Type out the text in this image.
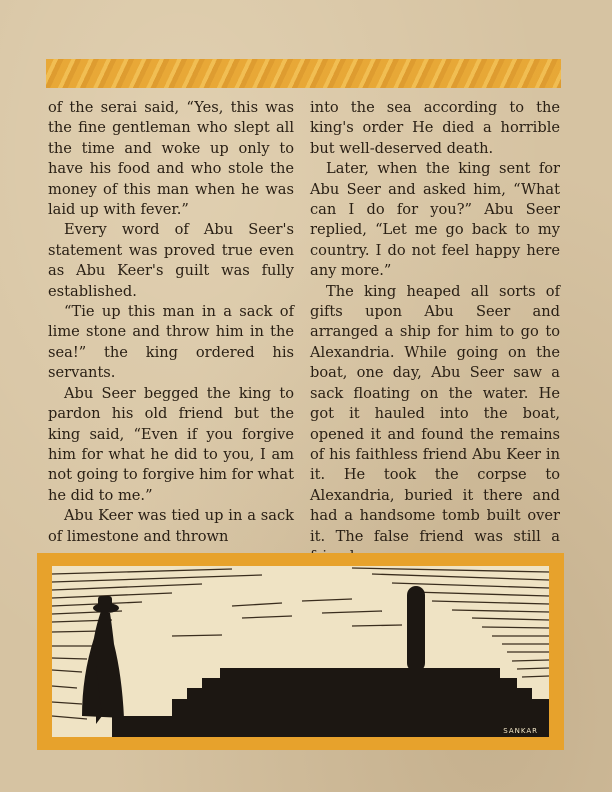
of the serai said, “Yes, this was the fine gentleman who slept all the time and woke up only to have his food and who stole the money of this man when he was laid up with fever.”

Every word of Abu Seer's statement was proved true even as Abu Keer's guilt was fully established.

“Tie up this man in a sack of lime stone and throw him in the sea!” the king ordered his servants.

Abu Seer begged the king to pardon his old friend but the king said, “Even if you forgive him for what he did to you, I am not going to forgive him for what he did to me.”

Abu Keer was tied up in a sack of limestone and thrown

into the sea according to the king's order He died a horrible but well-deserved death.

Later, when the king sent for Abu Seer and asked him, “What can I do for you?” Abu Seer replied, “Let me go back to my country. I do not feel happy here any more.”

The king heaped all sorts of gifts upon Abu Seer and arranged a ship for him to go to Alexandria. While going on the boat, one day, Abu Seer saw a sack floating on the water. He got it hauled into the boat, opened it and found the remains of his faithless friend Abu Keer in it. He took the corpse to Alexandria, buried it there and had a handsome tomb built over it. The false friend was still a

SANKAR
